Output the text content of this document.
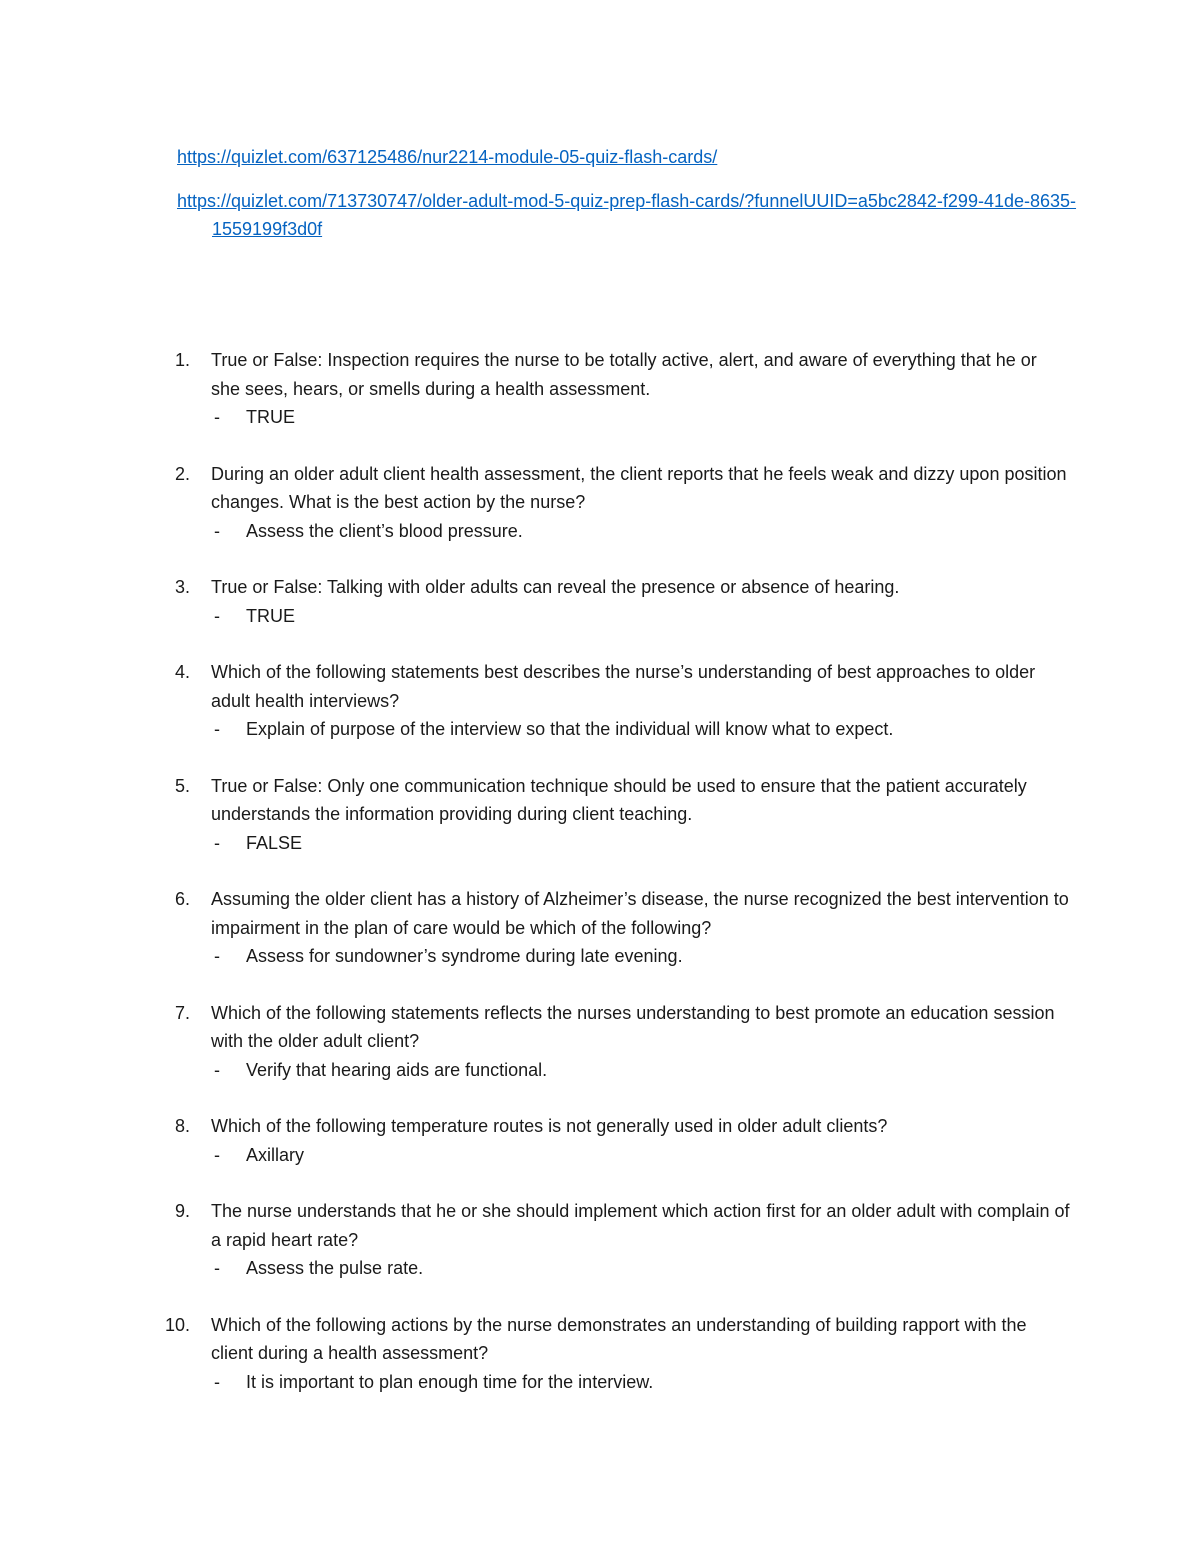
https://quizlet.com/637125486/nur2214-module-05-quiz-flash-cards/
https://quizlet.com/713730747/older-adult-mod-5-quiz-prep-flash-cards/?funnelUUID=a5bc2842-f299-41de-8635-1559199f3d0f
1.	True or False: Inspection requires the nurse to be totally active, alert, and aware of everything that he or she sees, hears, or smells during a health assessment.
- TRUE
2.	During an older adult client health assessment, the client reports that he feels weak and dizzy upon position changes. What is the best action by the nurse?
- Assess the client’s blood pressure.
3.	True or False: Talking with older adults can reveal the presence or absence of hearing.
- TRUE
4.	Which of the following statements best describes the nurse’s understanding of best approaches to older adult health interviews?
- Explain of purpose of the interview so that the individual will know what to expect.
5.	True or False: Only one communication technique should be used to ensure that the patient accurately understands the information providing during client teaching.
- FALSE
6.	Assuming the older client has a history of Alzheimer’s disease, the nurse recognized the best intervention to impairment in the plan of care would be which of the following?
- Assess for sundowner’s syndrome during late evening.
7.	Which of the following statements reflects the nurses understanding to best promote an education session with the older adult client?
- Verify that hearing aids are functional.
8.	Which of the following temperature routes is not generally used in older adult clients?
- Axillary
9.	The nurse understands that he or she should implement which action first for an older adult with complain of a rapid heart rate?
- Assess the pulse rate.
10.	Which of the following actions by the nurse demonstrates an understanding of building rapport with the client during a health assessment?
- It is important to plan enough time for the interview.
